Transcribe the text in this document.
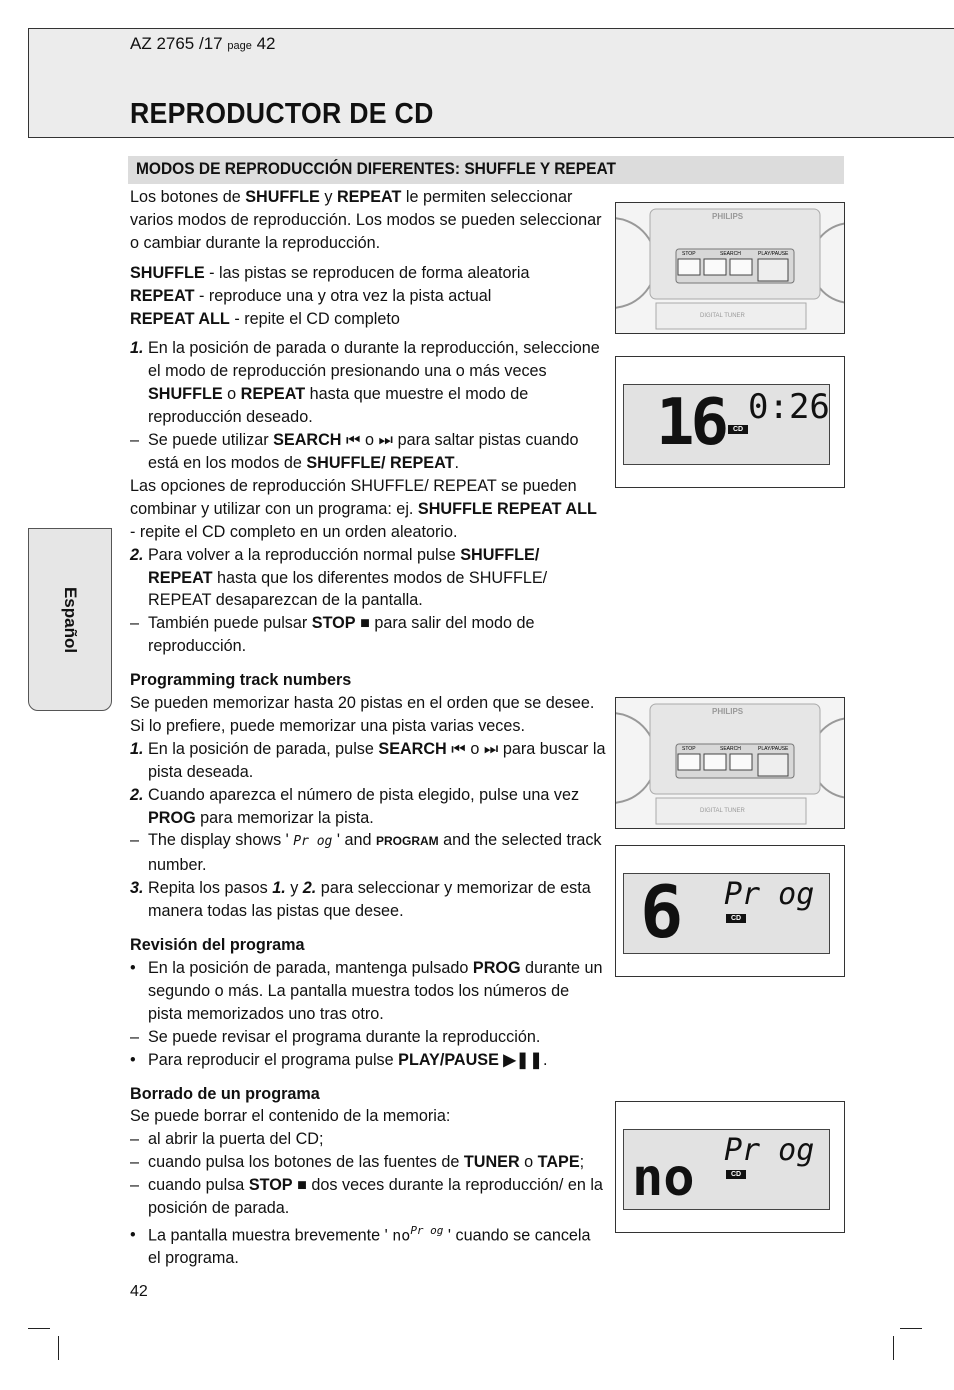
AZ 2765 /17 page 42
REPRODUCTOR DE CD
MODOS DE REPRODUCCIÓN DIFERENTES: SHUFFLE Y REPEAT
Español

Los botones de SHUFFLE y REPEAT le permiten seleccionar varios modos de reproducción. Los modos se pueden seleccionar o cambiar durante la reproducción.

SHUFFLE - las pistas se reproducen de forma aleatoria

REPEAT - reproduce una y otra vez la pista actual

REPEAT ALL - repite el CD completo

1. En la posición de parada o durante la reproducción, seleccione el modo de reproducción presionando una o más veces SHUFFLE o REPEAT hasta que muestre el modo de reproducción deseado.

– Se puede utilizar SEARCH ⏮ o ⏭ para saltar pistas cuando está en los modos de SHUFFLE/ REPEAT.

Las opciones de reproducción SHUFFLE/ REPEAT se pueden combinar y utilizar con un programa: ej. SHUFFLE REPEAT ALL - repite el CD completo en un orden aleatorio.

2. Para volver a la reproducción normal pulse SHUFFLE/ REPEAT hasta que los diferentes modos de SHUFFLE/ REPEAT desaparezcan de la pantalla.

– También puede pulsar STOP ■ para salir del modo de reproducción.

Programming track numbers

Se pueden memorizar hasta 20 pistas en el orden que se desee. Si lo prefiere, puede memorizar una pista varias veces.

1. En la posición de parada, pulse SEARCH ⏮ o ⏭ para buscar la pista deseada.

2. Cuando aparezca el número de pista elegido, pulse una vez PROG para memorizar la pista.

– The display shows ' Pr og ' and PROGRAM and the selected track number.

3. Repita los pasos 1. y 2. para seleccionar y memorizar de esta manera todas las pistas que desee.

Revisión del programa

• En la posición de parada, mantenga pulsado PROG durante un segundo o más. La pantalla muestra todos los números de pista memorizados uno tras otro.

– Se puede revisar el programa durante la reproducción.

• Para reproducir el programa pulse PLAY/PAUSE ▶❚❚.

Borrado de un programa

Se puede borrar el contenido de la memoria:

– al abrir la puerta del CD;

– cuando pulsa los botones de las fuentes de TUNER o TAPE;

– cuando pulsa STOP ■ dos veces durante la reproducción/ en la posición de parada.

• La pantalla muestra brevemente ' $no^{Pr og}$ ' cuando se cancela el programa.

STOP	SEARCH	PLAY/PAUSE
PHILIPS
DIGITAL TUNER
16 0:26
CD
STOP	SEARCH	PLAY/PAUSE
PHILIPS
DIGITAL TUNER
6 Pr og
CD
no Pr og
CD
42
